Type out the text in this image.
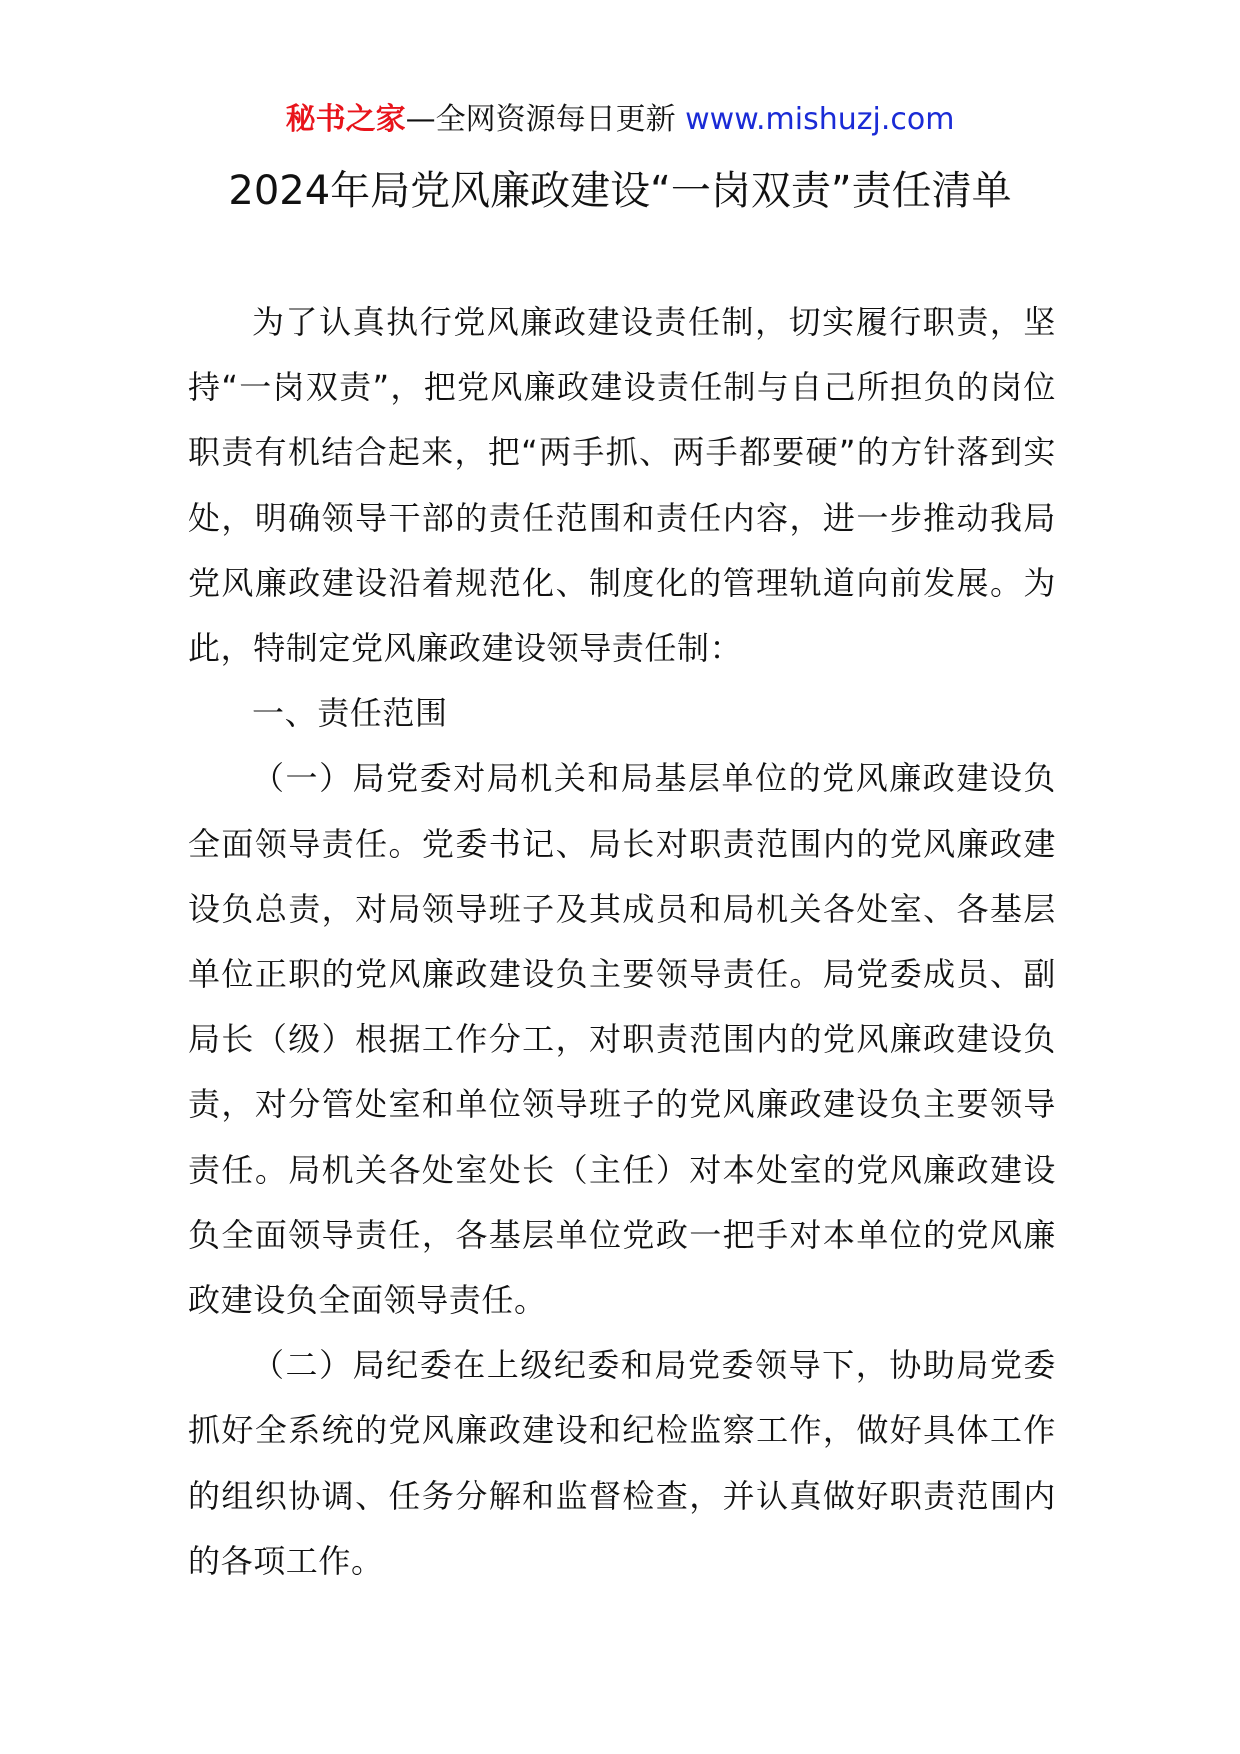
秘书之家—全网资源每日更新 www.mishuzj.com
2024年局党风廉政建设“一岗双责”责任清单

为了认真执行党风廉政建设责任制，切实履行职责，坚持“一岗双责”，把党风廉政建设责任制与自己所担负的岗位职责有机结合起来，把“两手抓、两手都要硬”的方针落到实处，明确领导干部的责任范围和责任内容，进一步推动我局党风廉政建设沿着规范化、制度化的管理轨道向前发展。为此，特制定党风廉政建设领导责任制：

一、责任范围

（一）局党委对局机关和局基层单位的党风廉政建设负全面领导责任。党委书记、局长对职责范围内的党风廉政建设负总责，对局领导班子及其成员和局机关各处室、各基层单位正职的党风廉政建设负主要领导责任。局党委成员、副局长（级）根据工作分工，对职责范围内的党风廉政建设负责，对分管处室和单位领导班子的党风廉政建设负主要领导责任。局机关各处室处长（主任）对本处室的党风廉政建设负全面领导责任，各基层单位党政一把手对本单位的党风廉政建设负全面领导责任。

（二）局纪委在上级纪委和局党委领导下，协助局党委抓好全系统的党风廉政建设和纪检监察工作，做好具体工作的组织协调、任务分解和监督检查，并认真做好职责范围内的各项工作。
